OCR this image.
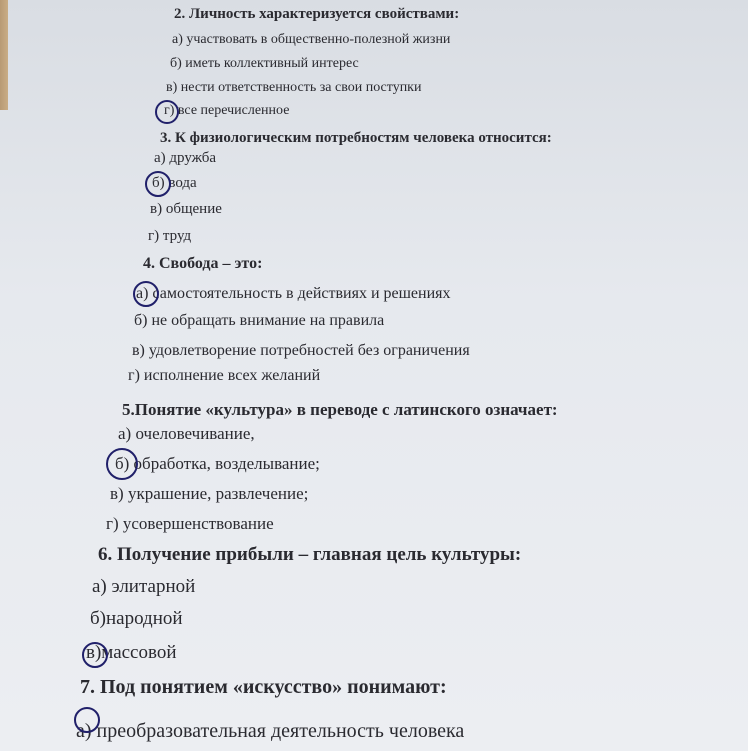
2. Личность характеризуется свойствами:

а) участвовать в общественно-полезной жизни

б) иметь коллективный интерес

в) нести ответственность за свои поступки

г) все перечисленное

3. К физиологическим потребностям человека относится:

а) дружба

б) вода

в) общение

г) труд

4. Свобода – это:

а) самостоятельность в действиях и решениях

б) не обращать внимание на правила

в) удовлетворение потребностей без ограничения

г) исполнение всех желаний

5.Понятие «культура» в переводе с латинского означает:

а) очеловечивание,

б) обработка, возделывание;

в) украшение, развлечение;

г) усовершенствование

6. Получение прибыли – главная цель культуры:

а) элитарной

б)народной

в)массовой

7. Под понятием «искусство» понимают:

а) преобразовательная деятельность человека
